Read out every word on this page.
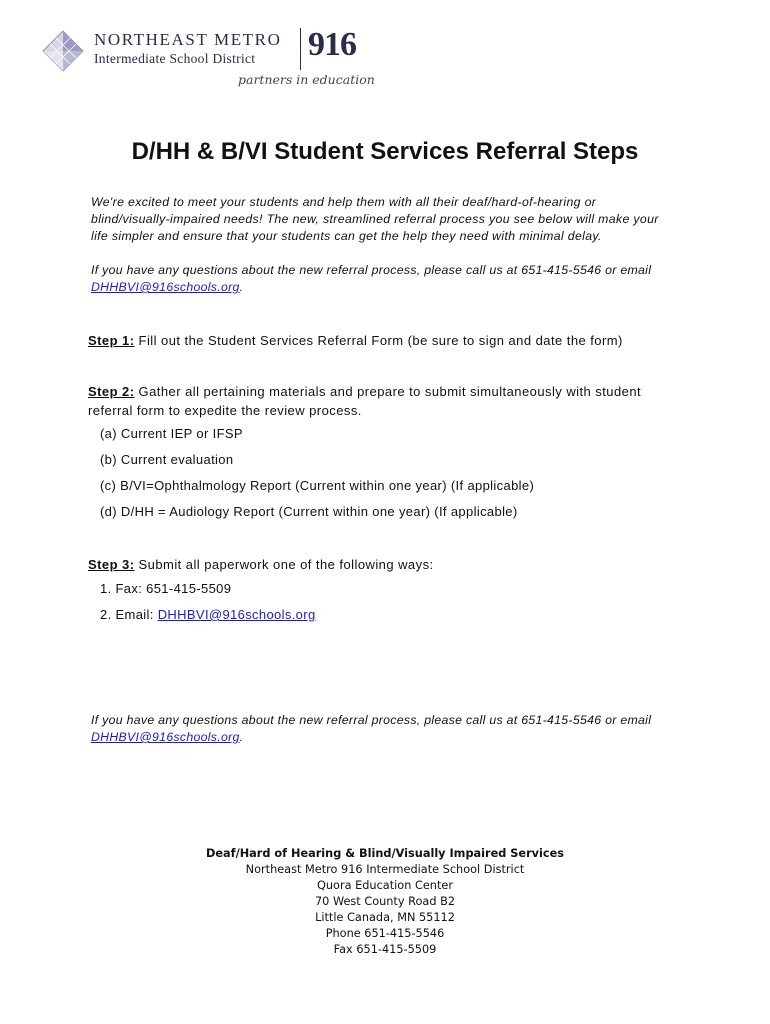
NORTHEAST METRO
Intermediate School District 916
partners in education
D/HH & B/VI Student Services Referral Steps
We're excited to meet your students and help them with all their deaf/hard-of-hearing or
blind/visually-impaired needs! The new, streamlined referral process you see below will make your
life simpler and ensure that your students can get the help they need with minimal delay.
If you have any questions about the new referral process, please call us at 651-415-5546 or email
DHHBVI@916schools.org.
Step 1: Fill out the Student Services Referral Form (be sure to sign and date the form)
Step 2: Gather all pertaining materials and prepare to submit simultaneously with student
referral form to expedite the review process.
(a) Current IEP or IFSP
(b) Current evaluation
(c) B/VI=Ophthalmology Report (Current within one year) (If applicable)
(d) D/HH = Audiology Report (Current within one year) (If applicable)
Step 3: Submit all paperwork one of the following ways:
1. Fax: 651-415-5509
2. Email: DHHBVI@916schools.org
If you have any questions about the new referral process, please call us at 651-415-5546 or email
DHHBVI@916schools.org.
Deaf/Hard of Hearing & Blind/Visually Impaired Services
Northeast Metro 916 Intermediate School District
Quora Education Center
70 West County Road B2
Little Canada, MN 55112
Phone 651-415-5546
Fax 651-415-5509
